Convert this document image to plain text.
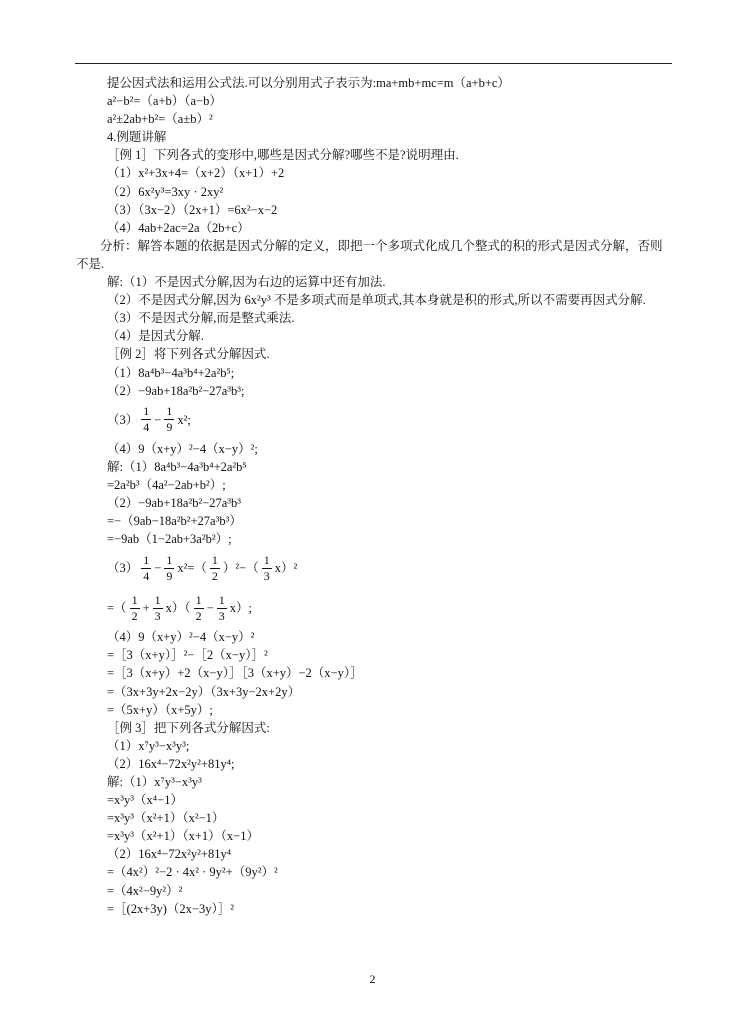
提公因式法和运用公式法.可以分别用式子表示为:ma+mb+mc=m（a+b+c）
a²−b²=（a+b）（a−b）
a²±2ab+b²=（a±b）²
4.例题讲解
［例 1］下列各式的变形中,哪些是因式分解?哪些不是?说明理由.
（1）x²+3x+4=（x+2）（x+1）+2
（2）6x²y³=3xy · 2xy²
（3）（3x−2）（2x+1）=6x²−x−2
（4）4ab+2ac=2a（2b+c）
分析：解答本题的依据是因式分解的定义，即把一个多项式化成几个整式的积的形式是因式分解，否则不是.
解:（1）不是因式分解,因为右边的运算中还有加法.
（2）不是因式分解,因为 6x²y³ 不是多项式而是单项式,其本身就是积的形式,所以不需要再因式分解.
（3）不是因式分解,而是整式乘法.
（4）是因式分解.
［例 2］将下列各式分解因式.
（1）8a⁴b³−4a³b⁴+2a²b⁵;
（2）−9ab+18a²b²−27a³b³;
$(3) \frac{1}{4} - \frac{1}{9} x^2$;
（4）9（x+y）²−4（x−y）²;
解:（1）8a⁴b³−4a³b⁴+2a²b⁵
=2a²b³（4a²−2ab+b²）;
（2）−9ab+18a²b²−27a³b³
=−（9ab−18a²b²+27a³b³）
=−9ab（1−2ab+3a²b²）;
$(3) \frac{1}{4} - \frac{1}{9} x^2=( \frac{1}{2} )^2-( \frac{1}{3} x)^2$
=（ $\frac{1}{2} + \frac{1}{3} x)( \frac{1}{2} - \frac{1}{3} x)$;
（4）9（x+y）²−4（x−y）²
=［3（x+y）］²−［2（x−y）］²
=［3（x+y）+2（x−y）］［3（x+y）−2（x−y）］
=（3x+3y+2x−2y）（3x+3y−2x+2y）
=（5x+y）（x+5y）;
［例 3］把下列各式分解因式:
（1）x⁷y³−x³y³;
（2）16x⁴−72x²y²+81y⁴;
解:（1）x⁷y³−x³y³
=x³y³（x⁴−1）
=x³y³（x²+1）（x²−1）
=x³y³（x²+1）（x+1）（x−1）
（2）16x⁴−72x²y²+81y⁴
=（4x²）²−2 · 4x² · 9y²+（9y²）²
=（4x²−9y²）²
=［(2x+3y)（2x−3y）］²
2
